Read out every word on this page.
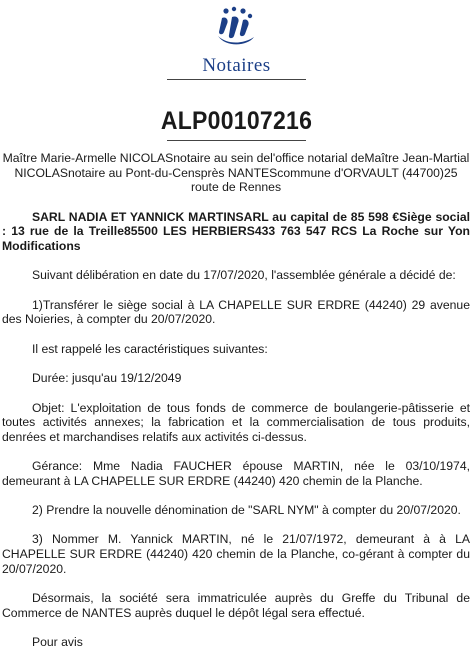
Notaires
ALP00107216

Maître Marie-Armelle NICOLASnotaire au sein del'office notarial deMaître Jean-Martial NICOLASnotaire au Pont-du-Censprès NANTEScommune d'ORVAULT (44700)25 route de Rennes

SARL NADIA ET YANNICK MARTINSARL au capital de 85 598 €Siège social : 13 rue de la Treille85500 LES HERBIERS433 763 547 RCS La Roche sur Yon Modifications

Suivant délibération en date du 17/07/2020, l'assemblée générale a décidé de:

1)Transférer le siège social à LA CHAPELLE SUR ERDRE (44240) 29 avenue des Noieries, à compter du 20/07/2020.

Il est rappelé les caractéristiques suivantes:

Durée: jusqu'au 19/12/2049

Objet: L'exploitation de tous fonds de commerce de boulangerie-pâtisserie et toutes activités annexes; la fabrication et la commercialisation de tous produits, denrées et marchandises relatifs aux activités ci-dessus.

Gérance: Mme Nadia FAUCHER épouse MARTIN, née le 03/10/1974, demeurant à LA CHAPELLE SUR ERDRE (44240) 420 chemin de la Planche.

2) Prendre la nouvelle dénomination de "SARL NYM" à compter du 20/07/2020.

3) Nommer M. Yannick MARTIN, né le 21/07/1972, demeurant à à LA CHAPELLE SUR ERDRE (44240) 420 chemin de la Planche, co-gérant à compter du 20/07/2020.

Désormais, la société sera immatriculée auprès du Greffe du Tribunal de Commerce de NANTES auprès duquel le dépôt légal sera effectué.

Pour avis
